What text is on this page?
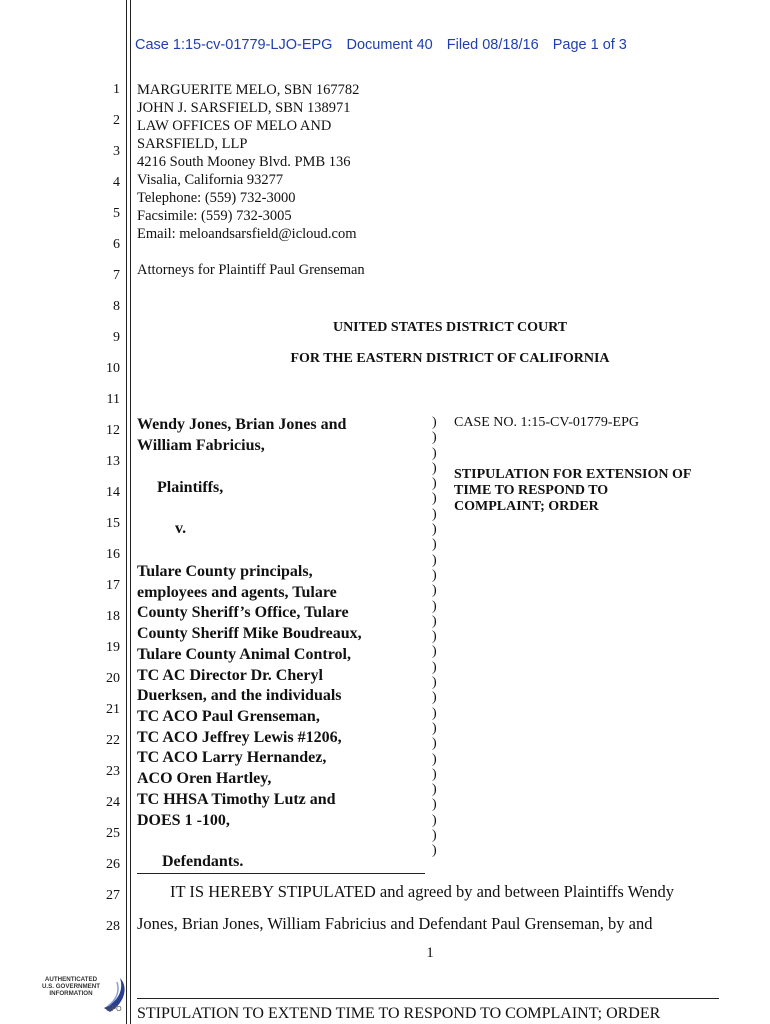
Case 1:15-cv-01779-LJO-EPG Document 40 Filed 08/18/16 Page 1 of 3
1
2
3
4
5
6
7
8
9
10
11
12
13
14
15
16
17
18
19
20
21
22
23
24
25
26
27
28
MARGUERITE MELO, SBN 167782
JOHN J. SARSFIELD, SBN 138971
LAW OFFICES OF MELO AND
SARSFIELD, LLP
4216 South Mooney Blvd. PMB 136
Visalia, California 93277
Telephone: (559) 732-3000
Facsimile: (559) 732-3005
Email: meloandsarsfield@icloud.com
Attorneys for Plaintiff Paul Grenseman
UNITED STATES DISTRICT COURT
FOR THE EASTERN DISTRICT OF CALIFORNIA
Wendy Jones, Brian Jones and
William Fabricius,
Plaintiffs,
v.
Tulare County principals,
employees and agents, Tulare
County Sheriff’s Office, Tulare
County Sheriff Mike Boudreaux,
Tulare County Animal Control,
TC AC Director Dr. Cheryl
Duerksen, and the individuals
TC ACO Paul Grenseman,
TC ACO Jeffrey Lewis #1206,
TC ACO Larry Hernandez,
ACO Oren Hartley,
TC HHSA Timothy Lutz and
DOES 1 -100,
Defendants.
)
)
)
)
)
)
)
)
)
)
)
)
)
)
)
)
)
)
)
)
)
)
)
)
)
)
)
)
)
CASE NO. 1:15-CV-01779-EPG
STIPULATION FOR EXTENSION OF
TIME TO RESPOND TO
COMPLAINT; ORDER
IT IS HEREBY STIPULATED and agreed by and between Plaintiffs Wendy
Jones, Brian Jones, William Fabricius and Defendant Paul Grenseman, by and
1
AUTHENTICATED U.S. GOVERNMENT INFORMATION
GPO STIPULATION TO EXTEND TIME TO RESPOND TO COMPLAINT; ORDER
